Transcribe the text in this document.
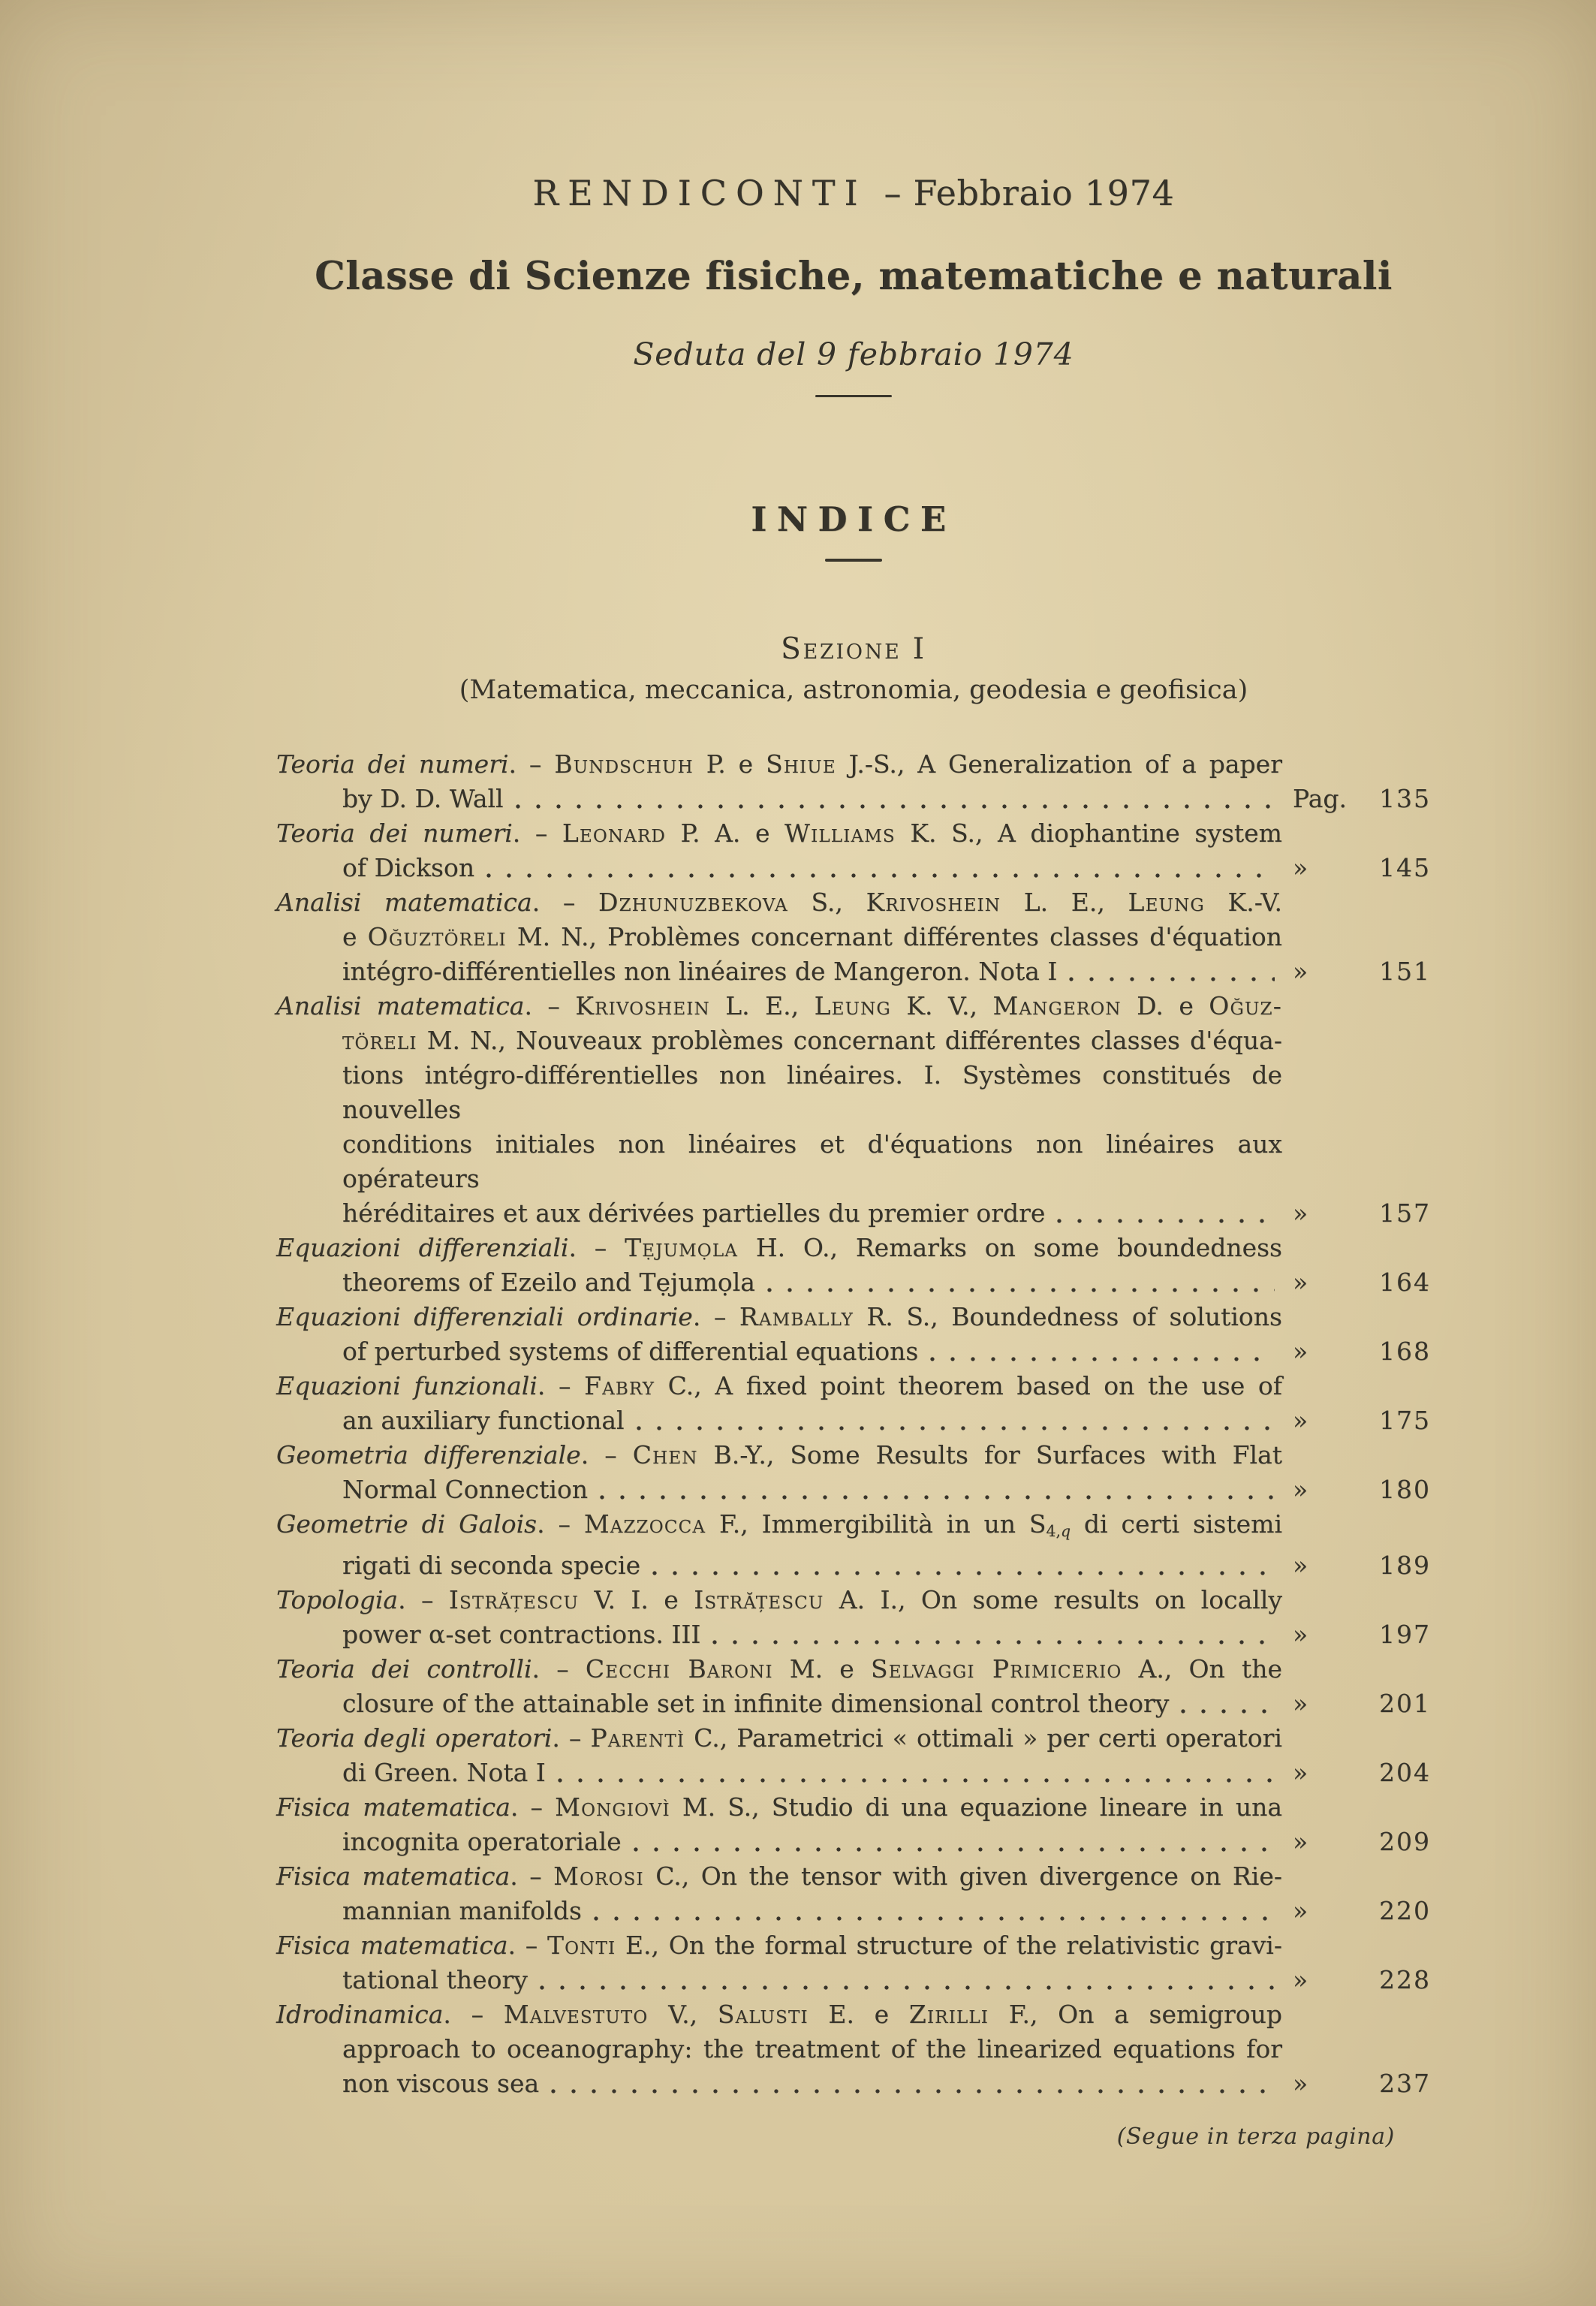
RENDICONTI – Febbraio 1974
Classe di Scienze fisiche, matematiche e naturali
Seduta del 9 febbraio 1974
INDICE
Sezione I
(Matematica, meccanica, astronomia, geodesia e geofisica)
Teoria dei numeri. – Bundschuh P. e Shiue J.-S., A Generalization of a paper
by D. D. Wall	Pag. 135
Teoria dei numeri. – Leonard P. A. e Williams K. S., A diophantine system
of Dickson	»	145
Analisi matematica. – Dzhunuzbekova S., Krivoshein L. E., Leung K.-V.
e Oğuztöreli M. N., Problèmes concernant différentes classes d'équation
intégro-différentielles non linéaires de Mangeron. Nota I	»	151
Analisi matematica. – Krivoshein L. E., Leung K. V., Mangeron D. e Oğuz-
töreli M. N., Nouveaux problèmes concernant différentes classes d'équa-
tions intégro-différentielles non linéaires. I. Systèmes constitués de nouvelles
conditions initiales non linéaires et d'équations non linéaires aux opérateurs
héréditaires et aux dérivées partielles du premier ordre	»	157
Equazioni differenziali. – Tẹjumọla H. O., Remarks on some boundedness
theorems of Ezeilo and Tẹjumọla	»	164
Equazioni differenziali ordinarie. – Rambally R. S., Boundedness of solutions
of perturbed systems of differential equations	»	168
Equazioni funzionali. – Fabry C., A fixed point theorem based on the use of
an auxiliary functional	»	175
Geometria differenziale. – Chen B.-Y., Some Results for Surfaces with Flat
Normal Connection	»	180
Geometrie di Galois. – Mazzocca F., Immergibilità in un S4,q di certi sistemi
rigati di seconda specie	»	189
Topologia. – Istrățescu V. I. e Istrățescu A. I., On some results on locally
power α-set contractions. III	»	197
Teoria dei controlli. – Cecchi Baroni M. e Selvaggi Primicerio A., On the
closure of the attainable set in infinite dimensional control theory	»	201
Teoria degli operatori. – Parentì C., Parametrici « ottimali » per certi operatori
di Green. Nota I	»	204
Fisica matematica. – Mongiovì M. S., Studio di una equazione lineare in una
incognita operatoriale	»	209
Fisica matematica. – Morosi C., On the tensor with given divergence on Rie-
mannian manifolds	»	220
Fisica matematica. – Tonti E., On the formal structure of the relativistic gravi-
tational theory	»	228
Idrodinamica. – Malvestuto V., Salusti E. e Zirilli F., On a semigroup
approach to oceanography: the treatment of the linearized equations for
non viscous sea	»	237
(Segue in terza pagina)
